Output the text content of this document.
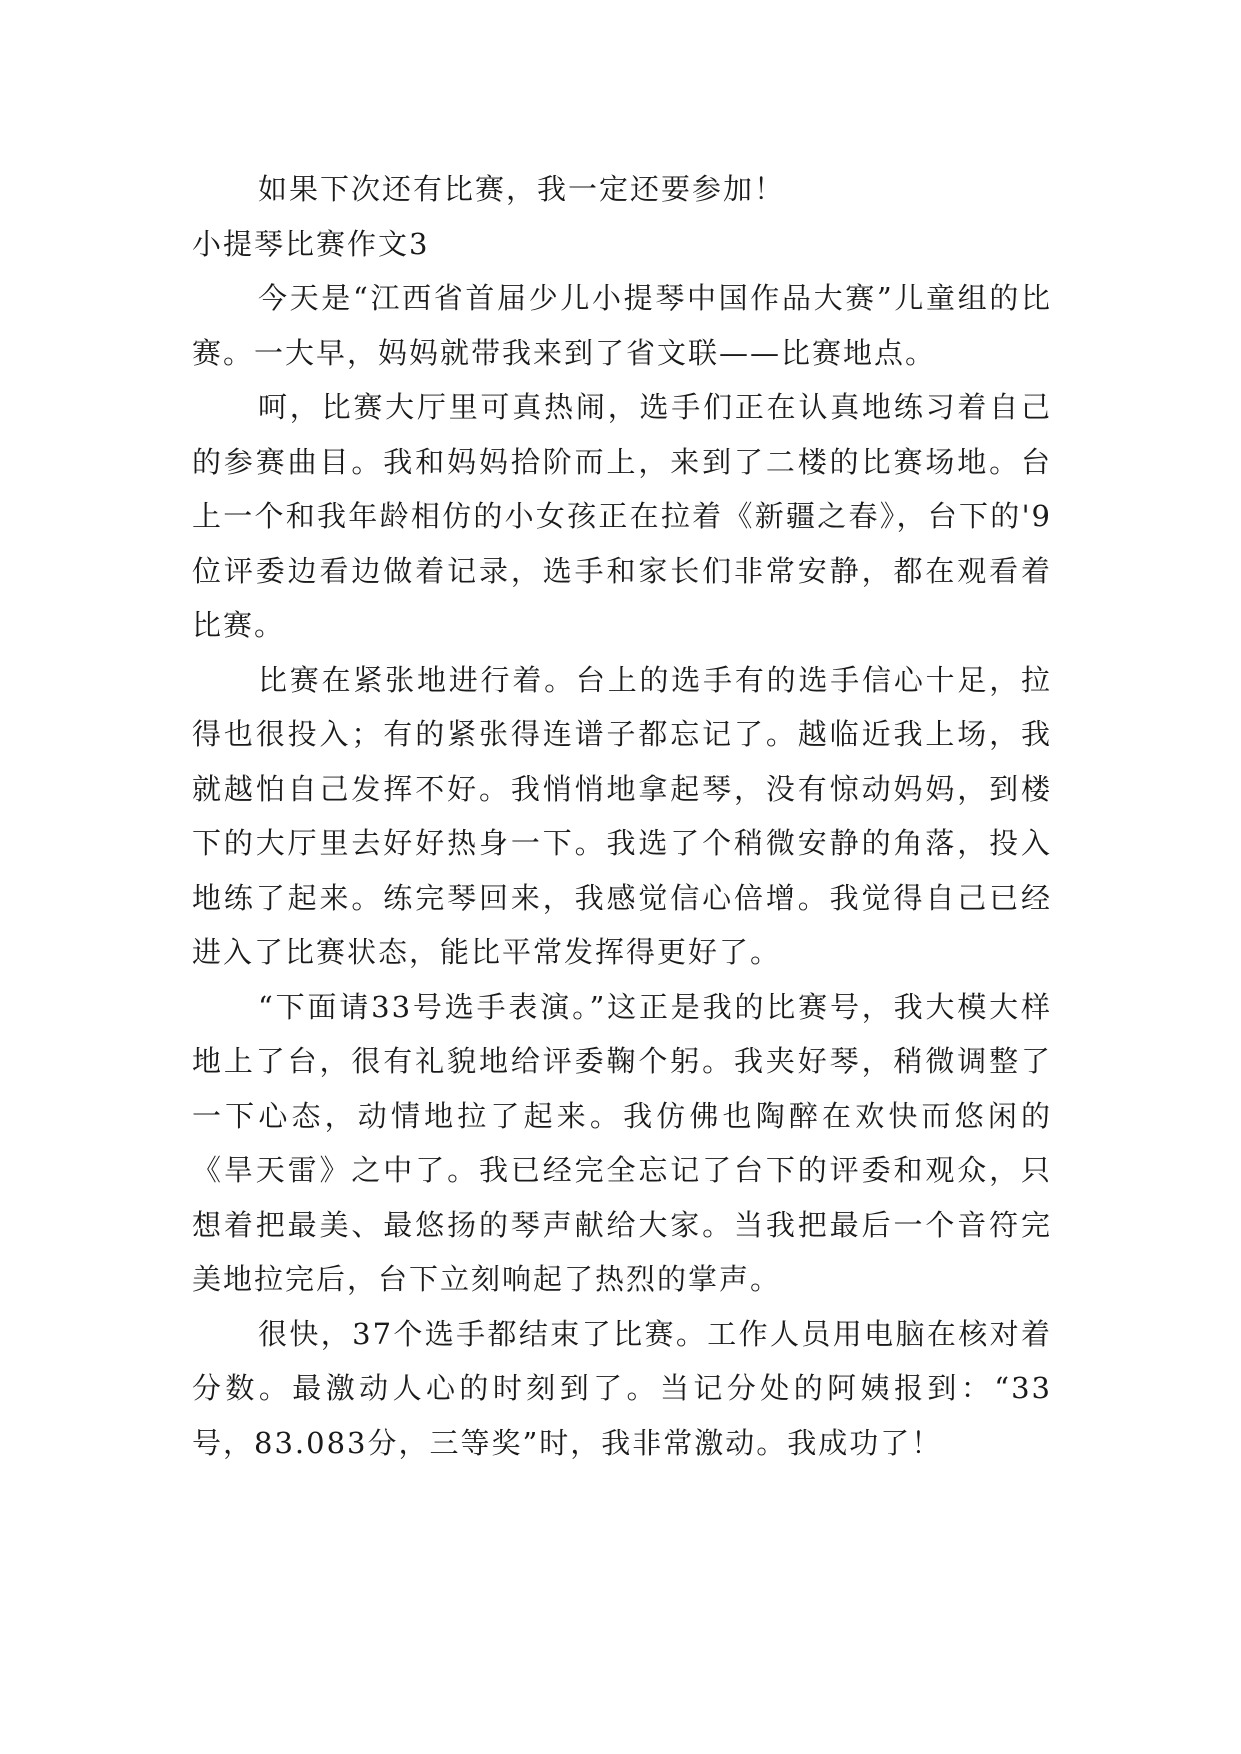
如果下次还有比赛，我一定还要参加！

小提琴比赛作文3

今天是“江西省首届少儿小提琴中国作品大赛”儿童组的比赛。一大早，妈妈就带我来到了省文联——比赛地点。

呵，比赛大厅里可真热闹，选手们正在认真地练习着自己的参赛曲目。我和妈妈拾阶而上，来到了二楼的比赛场地。台上一个和我年龄相仿的小女孩正在拉着《新疆之春》，台下的'9位评委边看边做着记录，选手和家长们非常安静，都在观看着比赛。

比赛在紧张地进行着。台上的选手有的选手信心十足，拉得也很投入；有的紧张得连谱子都忘记了。越临近我上场，我就越怕自己发挥不好。我悄悄地拿起琴，没有惊动妈妈，到楼下的大厅里去好好热身一下。我选了个稍微安静的角落，投入地练了起来。练完琴回来，我感觉信心倍增。我觉得自己已经进入了比赛状态，能比平常发挥得更好了。

“下面请33号选手表演。”这正是我的比赛号，我大模大样地上了台，很有礼貌地给评委鞠个躬。我夹好琴，稍微调整了一下心态，动情地拉了起来。我仿佛也陶醉在欢快而悠闲的《旱天雷》之中了。我已经完全忘记了台下的评委和观众，只想着把最美、最悠扬的琴声献给大家。当我把最后一个音符完美地拉完后，台下立刻响起了热烈的掌声。

很快，37个选手都结束了比赛。工作人员用电脑在核对着分数。最激动人心的时刻到了。当记分处的阿姨报到：“33号，83.083分，三等奖”时，我非常激动。我成功了！
